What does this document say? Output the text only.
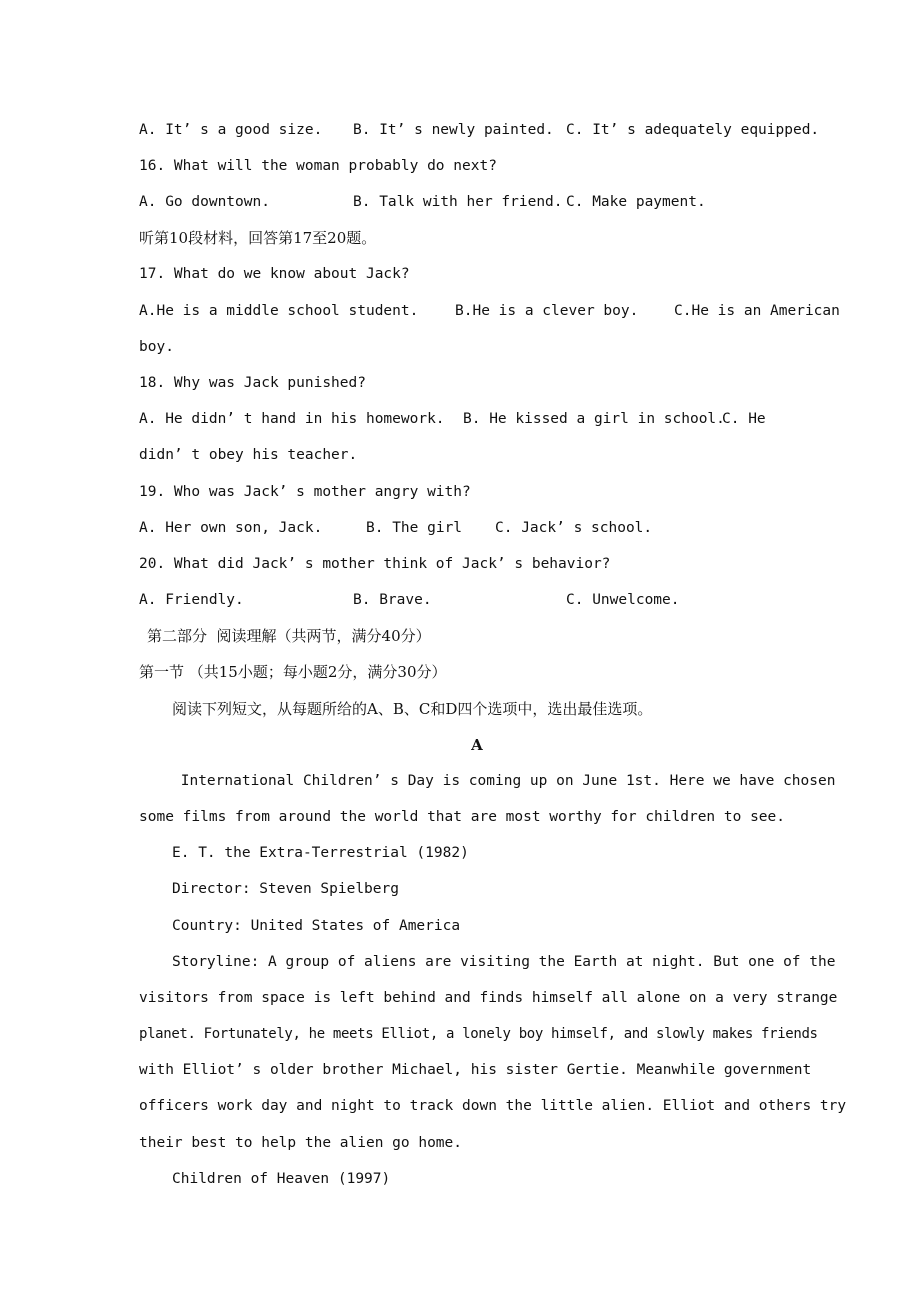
A. It’ s a good size.

B. It’ s newly painted.

C. It’ s adequately equipped.

16. What will the woman probably do next?

A. Go downtown.

	B. Talk with her friend.

C. Make payment.

听第10段材料，回答第17至20题。
17. What do we know about Jack?

A.He is a middle school student.

	B.He is a clever boy.

C.He is an American

boy.
18. Why was Jack punished?

A. He didn’ t hand in his homework.

B. He kissed a girl in school.

C. He

didn’ t obey his teacher.
19. Who was Jack’ s mother angry with?

A. Her own son, Jack.

	B. The girl

C. Jack’ s school.

20. What did Jack’ s mother think of Jack’ s behavior?

A. Friendly.

	B. Brave.

	C. Unwelcome.

第二部分  阅读理解（共两节，满分40分）
第一节 （共15小题；每小题2分，满分30分）
阅读下列短文，从每题所给的A、B、C和D四个选项中，选出最佳选项。
A
International Children’ s Day is coming up on June 1st. Here we have chosen
some films from around the world that are most worthy for children to see.
E. T. the Extra-Terrestrial (1982)
Director: Steven Spielberg
Country: United States of America
Storyline: A group of aliens are visiting the Earth at night. But one of the
visitors from space is left behind and finds himself all alone on a very strange
planet. Fortunately, he meets Elliot, a lonely boy himself, and slowly makes friends
with Elliot’ s older brother Michael, his sister Gertie. Meanwhile government
officers work day and night to track down the little alien. Elliot and others try
their best to help the alien go home.
Children of Heaven (1997)
